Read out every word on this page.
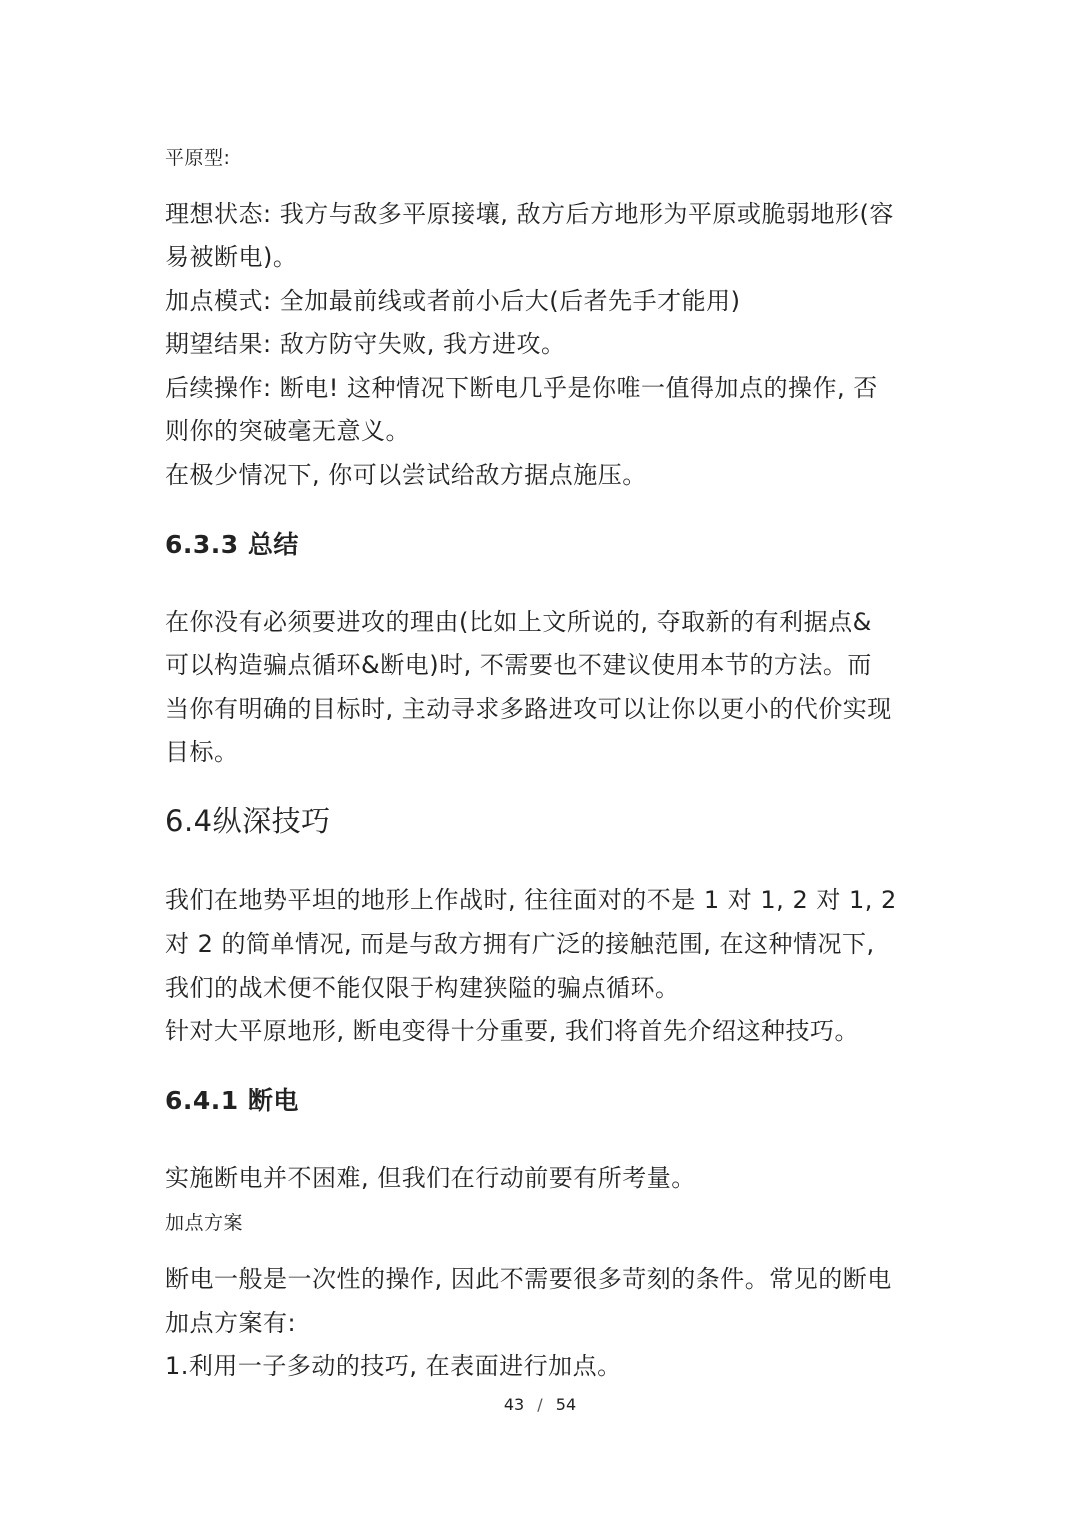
平原型:
理想状态: 我方与敌多平原接壤, 敌方后方地形为平原或脆弱地形(容
易被断电)。
加点模式: 全加最前线或者前小后大(后者先手才能用)
期望结果: 敌方防守失败, 我方进攻。
后续操作: 断电! 这种情况下断电几乎是你唯一值得加点的操作, 否
则你的突破毫无意义。
在极少情况下, 你可以尝试给敌方据点施压。
6.3.3 总结
在你没有必须要进攻的理由(比如上文所说的, 夺取新的有利据点&
可以构造骗点循环&断电)时, 不需要也不建议使用本节的方法。而
当你有明确的目标时, 主动寻求多路进攻可以让你以更小的代价实现
目标。
6.4纵深技巧
我们在地势平坦的地形上作战时, 往往面对的不是 1 对 1, 2 对 1, 2
对 2 的简单情况, 而是与敌方拥有广泛的接触范围, 在这种情况下,
我们的战术便不能仅限于构建狭隘的骗点循环。
针对大平原地形, 断电变得十分重要, 我们将首先介绍这种技巧。
6.4.1 断电
实施断电并不困难, 但我们在行动前要有所考量。
加点方案
断电一般是一次性的操作, 因此不需要很多苛刻的条件。常见的断电
加点方案有:
1.利用一子多动的技巧, 在表面进行加点。
43 / 54
